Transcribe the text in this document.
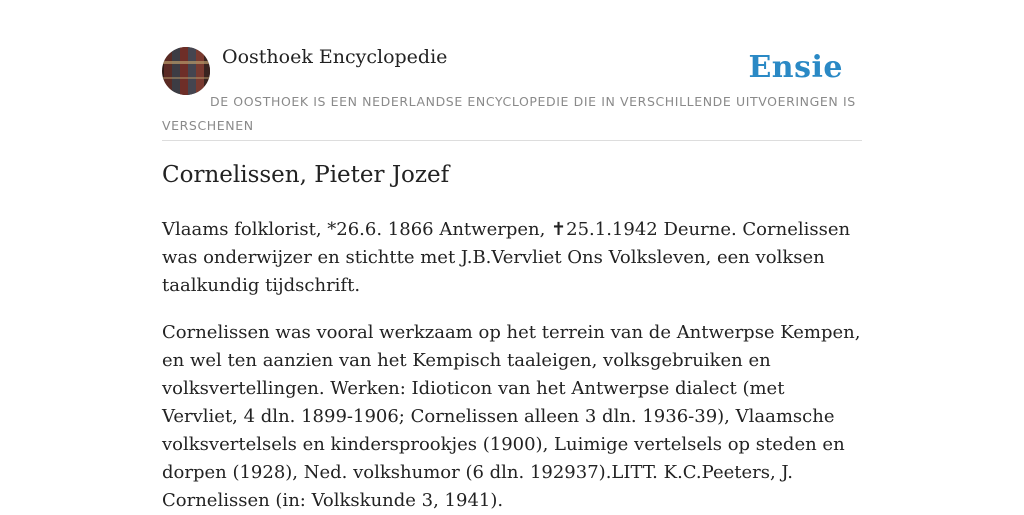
Oosthoek Encyclopedie	Ensie
DE OOSTHOEK IS EEN NEDERLANDSE ENCYCLOPEDIE DIE IN VERSCHILLENDE UITVOERINGEN IS VERSCHENEN
Cornelissen, Pieter Jozef

Vlaams folklorist, *26.6. 1866 Antwerpen, ✝25.1.1942 Deurne. Cornelissen was onderwijzer en stichtte met J.B.Vervliet Ons Volksleven, een volksen taalkundig tijdschrift.

Cornelissen was vooral werkzaam op het terrein van de Antwerpse Kempen, en wel ten aanzien van het Kempisch taaleigen, volksgebruiken en volksvertellingen. Werken: Idioticon van het Antwerpse dialect (met Vervliet, 4 dln. 1899-1906; Cornelissen alleen 3 dln. 1936-39), Vlaamsche volksvertelsels en kindersprookjes (1900), Luimige vertelsels op steden en dorpen (1928), Ned. volkshumor (6 dln. 192937).LITT. K.C.Peeters, J. Cornelissen (in: Volkskunde 3, 1941).
